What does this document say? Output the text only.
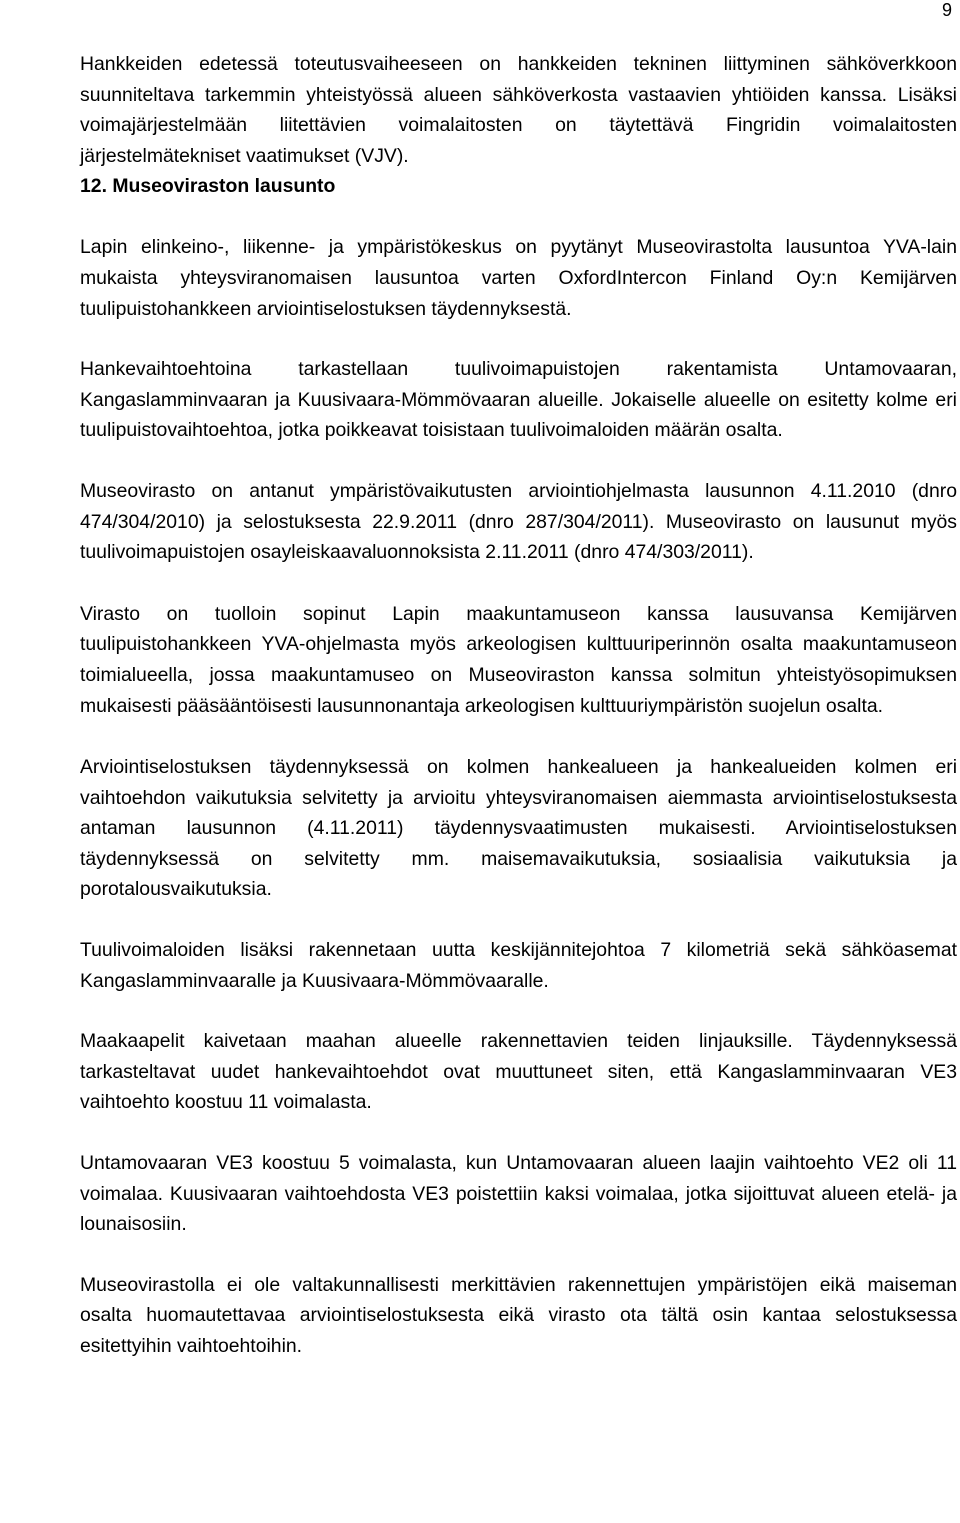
9

Hankkeiden edetessä toteutusvaiheeseen on hankkeiden tekninen liittyminen sähköverkkoon suunniteltava tarkemmin yhteistyössä alueen sähköverkosta vastaavien yhtiöiden kanssa. Lisäksi voimajärjestelmään liitettävien voimalaitosten on täytettävä Fingridin voimalaitosten järjestelmätekniset vaatimukset (VJV).

12. Museoviraston lausunto

Lapin elinkeino-, liikenne- ja ympäristökeskus on pyytänyt Museovirastolta lausuntoa YVA-lain mukaista yhteysviranomaisen lausuntoa varten OxfordIntercon Finland Oy:n Kemijärven tuulipuistohankkeen arviointiselostuksen täydennyksestä.

Hankevaihtoehtoina tarkastellaan tuulivoimapuistojen rakentamista Untamovaaran, Kangaslamminvaaran ja Kuusivaara-Mömmövaaran alueille. Jokaiselle alueelle on esitetty kolme eri tuulipuistovaihtoehtoa, jotka poikkeavat toisistaan tuulivoimaloiden määrän osalta.

Museovirasto on antanut ympäristövaikutusten arviointiohjelmasta lausunnon 4.11.2010 (dnro 474/304/2010) ja selostuksesta 22.9.2011 (dnro 287/304/2011). Museovirasto on lausunut myös tuulivoimapuistojen osayleiskaavaluonnoksista 2.11.2011 (dnro 474/303/2011).

Virasto on tuolloin sopinut Lapin maakuntamuseon kanssa lausuvansa Kemijärven tuulipuistohankkeen YVA-ohjelmasta myös arkeologisen kulttuuriperinnön osalta maakuntamuseon toimialueella, jossa maakuntamuseo on Museoviraston kanssa solmitun yhteistyösopimuksen mukaisesti pääsääntöisesti lausunnonantaja arkeologisen kulttuuriympäristön suojelun osalta.

Arviointiselostuksen täydennyksessä on kolmen hankealueen ja hankealueiden kolmen eri vaihtoehdon vaikutuksia selvitetty ja arvioitu yhteysviranomaisen aiemmasta arviointiselostuksesta antaman lausunnon (4.11.2011) täydennysvaatimusten mukaisesti. Arviointiselostuksen täydennyksessä on selvitetty mm. maisemavaikutuksia, sosiaalisia vaikutuksia ja porotalousvaikutuksia.

Tuulivoimaloiden lisäksi rakennetaan uutta keskijännitejohtoa 7 kilometriä sekä sähköasemat Kangaslamminvaaralle ja Kuusivaara-Mömmövaaralle.

Maakaapelit kaivetaan maahan alueelle rakennettavien teiden linjauksille. Täydennyksessä tarkasteltavat uudet hankevaihtoehdot ovat muuttuneet siten, että Kangaslamminvaaran VE3 vaihtoehto koostuu 11 voimalasta.

Untamovaaran VE3 koostuu 5 voimalasta, kun Untamovaaran alueen laajin vaihtoehto VE2 oli 11 voimalaa. Kuusivaaran vaihtoehdosta VE3 poistettiin kaksi voimalaa, jotka sijoittuvat alueen etelä- ja lounaisosiin.

Museovirastolla ei ole valtakunnallisesti merkittävien rakennettujen ympäristöjen eikä maiseman osalta huomautettavaa arviointiselostuksesta eikä virasto ota tältä osin kantaa selostuksessa esitettyihin vaihtoehtoihin.
